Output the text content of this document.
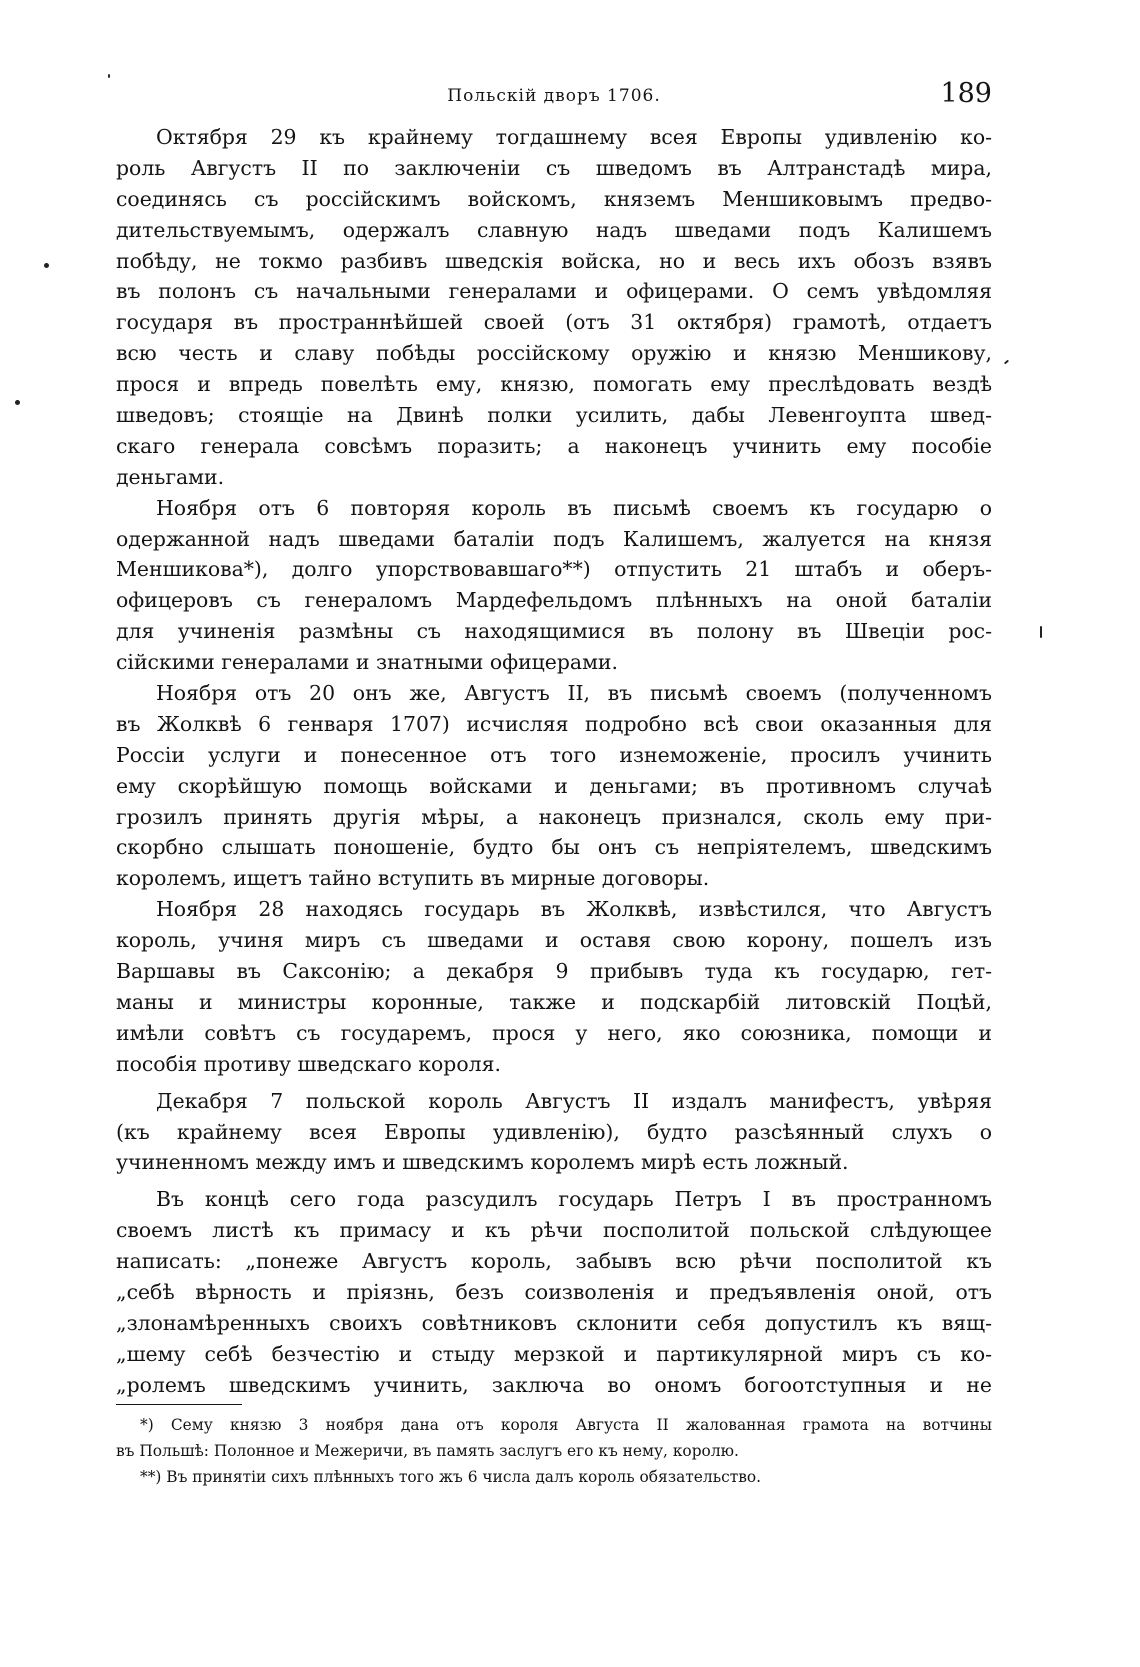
Польскій дворъ 1706.	189
Октября 29 къ крайнему тогдашнему всея Европы удивленію ко-
роль Августъ II по заключеніи съ шведомъ въ Алтранстадѣ мира,
соединясь съ россійскимъ войскомъ, княземъ Меншиковымъ предво-
дительствуемымъ, одержалъ славную надъ шведами подъ Калишемъ
побѣду, не токмо разбивъ шведскія войска, но и весь ихъ обозъ взявъ
въ полонъ съ начальными генералами и офицерами. О семъ увѣдомляя
государя въ пространнѣйшей своей (отъ 31 октября) грамотѣ, отдаетъ
всю честь и славу побѣды россійскому оружію и князю Меншикову,
прося и впредь повелѣть ему, князю, помогать ему преслѣдовать вездѣ
шведовъ; стоящіе на Двинѣ полки усилить, дабы Левенгоупта швед-
скаго генерала совсѣмъ поразить; а наконецъ учинить ему пособіе
деньгами.
Ноября отъ 6 повторяя король въ письмѣ своемъ къ государю о
одержанной надъ шведами баталіи подъ Калишемъ, жалуется на князя
Меншикова*), долго упорствовавшаго**) отпустить 21 штабъ и оберъ-
офицеровъ съ генераломъ Мардефельдомъ плѣнныхъ на оной баталіи
для учиненія размѣны съ находящимися въ полону въ Швеціи рос-
сійскими генералами и знатными офицерами.
Ноября отъ 20 онъ же, Августъ II, въ письмѣ своемъ (полученномъ
въ Жолквѣ 6 генваря 1707) исчисляя подробно всѣ свои оказанныя для
Россіи услуги и понесенное отъ того изнеможеніе, просилъ учинить
ему скорѣйшую помощь войсками и деньгами; въ противномъ случаѣ
грозилъ принять другія мѣры, а наконецъ признался, сколь ему при-
скорбно слышать поношеніе, будто бы онъ съ непріятелемъ, шведскимъ
королемъ, ищетъ тайно вступить въ мирные договоры.
Ноября 28 находясь государь въ Жолквѣ, извѣстился, что Августъ
король, учиня миръ съ шведами и оставя свою корону, пошелъ изъ
Варшавы въ Саксонію; а декабря 9 прибывъ туда къ государю, гет-
маны и министры коронные, также и подскарбій литовскій Поцѣй,
имѣли совѣтъ съ государемъ, прося у него, яко союзника, помощи и
пособія противу шведскаго короля.
Декабря 7 польской король Августъ II издалъ манифестъ, увѣряя
(къ крайнему всея Европы удивленію), будто разсѣянный слухъ о
учиненномъ между имъ и шведскимъ королемъ мирѣ есть ложный.
Въ концѣ сего года разсудилъ государь Петръ I въ пространномъ
своемъ листѣ къ примасу и къ рѣчи посполитой польской слѣдующее
написать: „понеже Августъ король, забывъ всю рѣчи посполитой къ
„себѣ вѣрность и пріязнь, безъ соизволенія и предъявленія оной, отъ
„злонамѣренныхъ своихъ совѣтниковъ склонити себя допустилъ къ вящ-
„шему себѣ безчестію и стыду мерзкой и партикулярной миръ съ ко-
„ролемъ шведскимъ учинить, заключа во ономъ богоотступныя и не
*) Сему князю 3 ноября дана отъ короля Августа II жалованная грамота на вотчины
въ Польшѣ: Полонное и Межеричи, въ память заслугъ его къ нему, королю.
**) Въ принятіи сихъ плѣнныхъ того жъ 6 числа далъ король обязательство.
